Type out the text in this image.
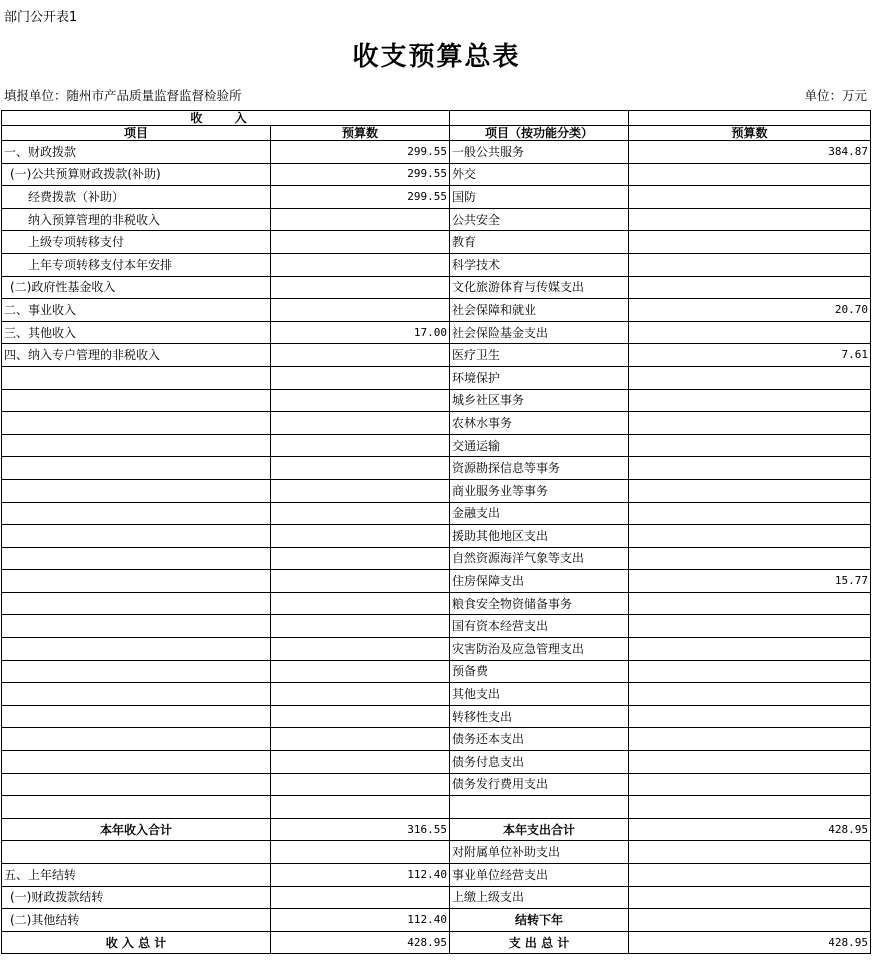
部门公开表1
收支预算总表
填报单位：随州市产品质量监督监督检验所	单位：万元
收 入			
项目	预算数	项目（按功能分类）	预算数
一、财政拨款	299.55	一般公共服务	384.87
(一)公共预算财政拨款(补助)	299.55	外交	
经费拨款（补助）	299.55	国防	
纳入预算管理的非税收入		公共安全	
上级专项转移支付		教育	
上年专项转移支付本年安排		科学技术	
(二)政府性基金收入		文化旅游体育与传媒支出	
二、事业收入		社会保障和就业	20.70
三、其他收入	17.00	社会保险基金支出	
四、纳入专户管理的非税收入		医疗卫生	7.61
		环境保护	
		城乡社区事务	
		农林水事务	
		交通运输	
		资源勘探信息等事务	
		商业服务业等事务	
		金融支出	
		援助其他地区支出	
		自然资源海洋气象等支出	
		住房保障支出	15.77
		粮食安全物资储备事务	
		国有资本经营支出	
		灾害防治及应急管理支出	
		预备费	
		其他支出	
		转移性支出	
		债务还本支出	
		债务付息支出	
		债务发行费用支出	

本年收入合计	316.55	本年支出合计	428.95
		对附属单位补助支出	
五、上年结转	112.40	事业单位经营支出	
(一)财政拨款结转		上缴上级支出	
(二)其他结转	112.40	结转下年	
收 入 总 计	428.95	支 出 总 计	428.95
